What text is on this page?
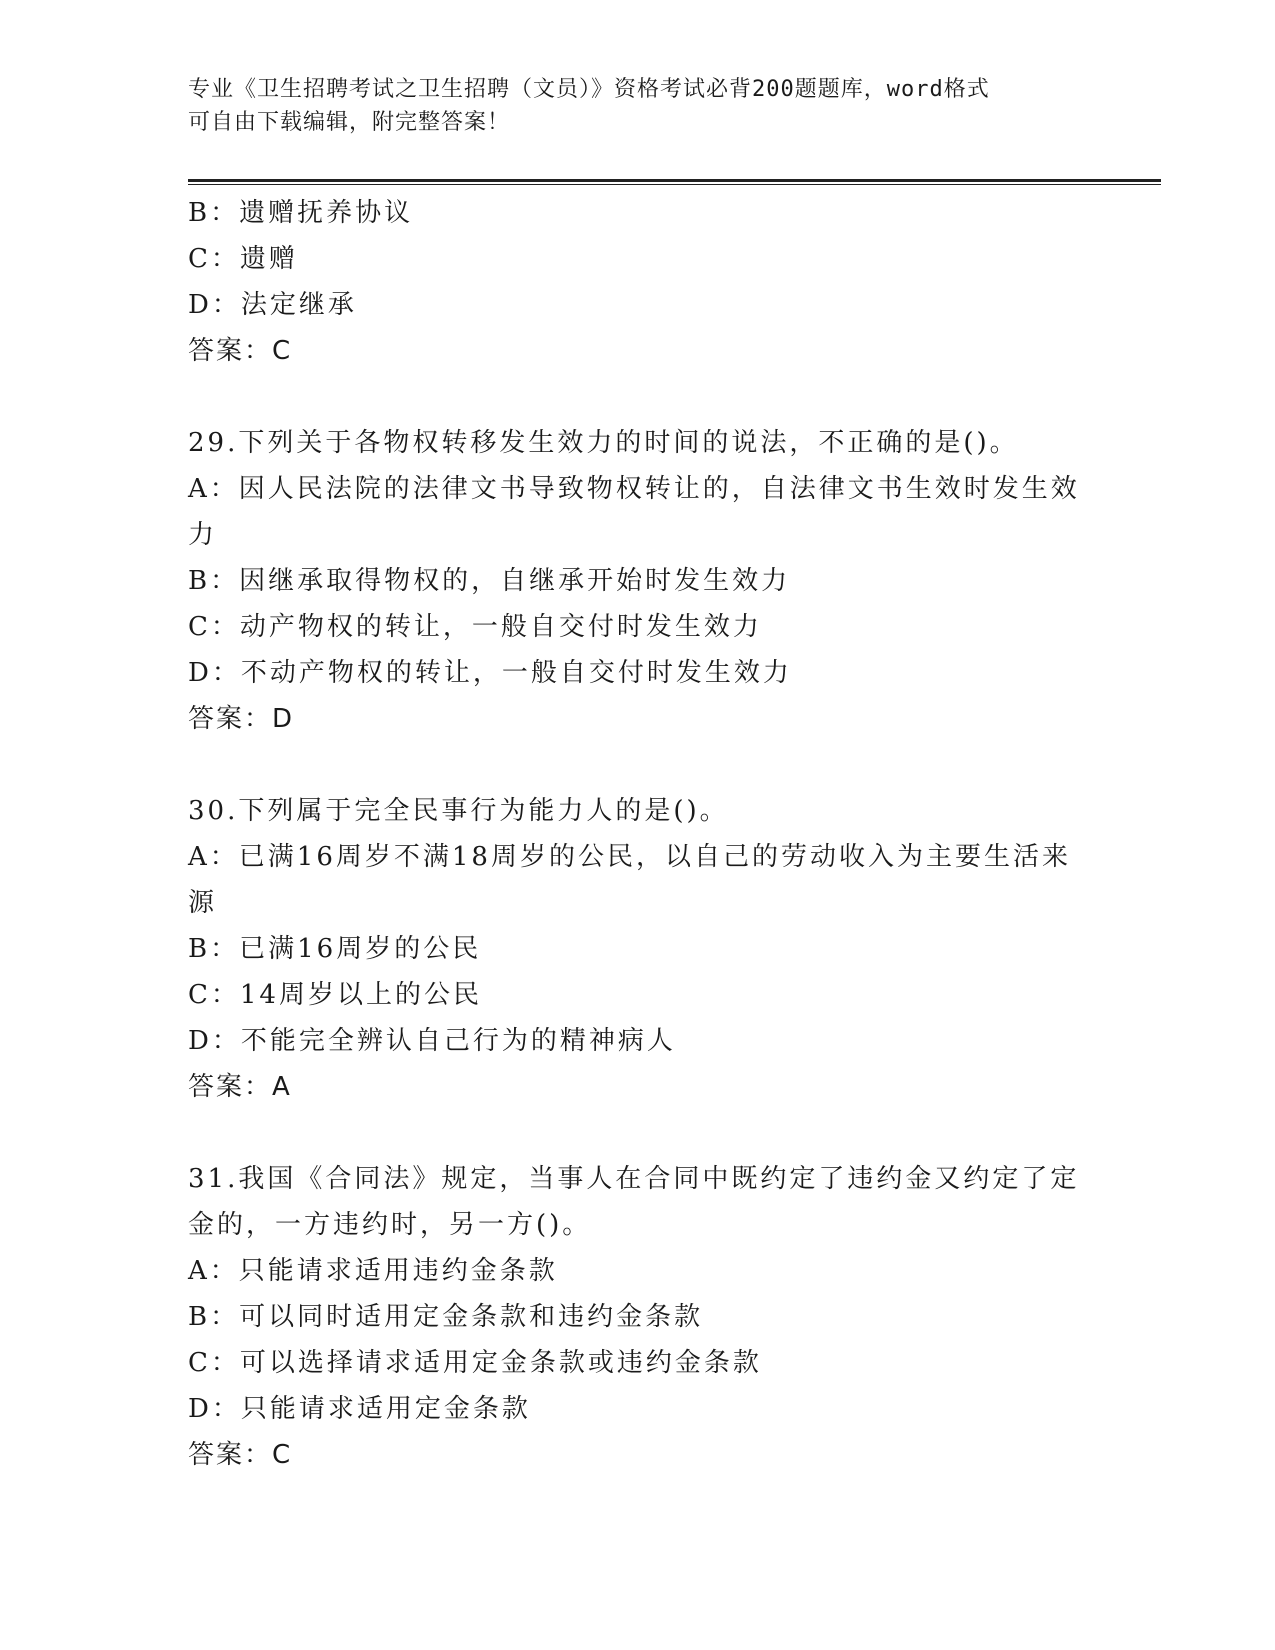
专业《卫生招聘考试之卫生招聘（文员）》资格考试必背200题题库，word格式
可自由下载编辑，附完整答案！
B：遗赠抚养协议
C：遗赠
D：法定继承
答案：C
29.下列关于各物权转移发生效力的时间的说法，不正确的是()。
A：因人民法院的法律文书导致物权转让的，自法律文书生效时发生效
力
B：因继承取得物权的，自继承开始时发生效力
C：动产物权的转让，一般自交付时发生效力
D：不动产物权的转让，一般自交付时发生效力
答案：D
30.下列属于完全民事行为能力人的是()。
A：已满16周岁不满18周岁的公民，以自己的劳动收入为主要生活来
源
B：已满16周岁的公民
C：14周岁以上的公民
D：不能完全辨认自己行为的精神病人
答案：A
31.我国《合同法》规定，当事人在合同中既约定了违约金又约定了定
金的，一方违约时，另一方()。
A：只能请求适用违约金条款
B：可以同时适用定金条款和违约金条款
C：可以选择请求适用定金条款或违约金条款
D：只能请求适用定金条款
答案：C
